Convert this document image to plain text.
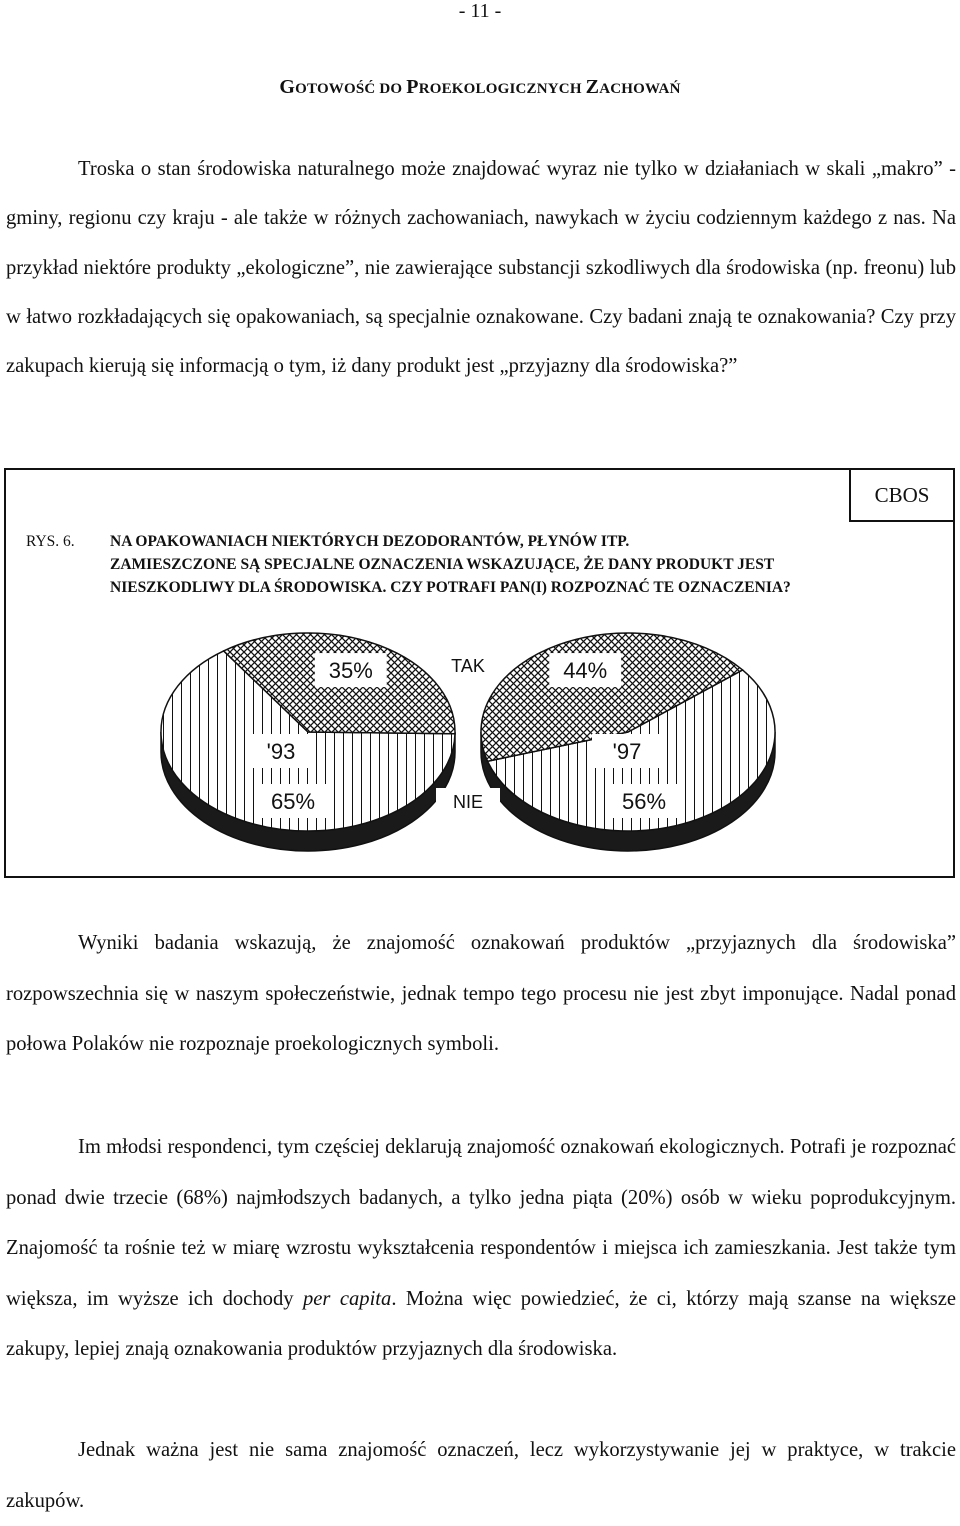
- 11 -
GOTOWOŚĆ DO PROEKOLOGICZNYCH ZACHOWAŃ

Troska o stan środowiska naturalnego może znajdować wyraz nie tylko w działaniach w skali „makro” - gminy, regionu czy kraju - ale także w różnych zachowaniach, nawykach w życiu codziennym każdego z nas. Na przykład niektóre produkty „ekologiczne”, nie zawierające substancji szkodliwych dla środowiska (np. freonu) lub w łatwo rozkładających się opakowaniach, są specjalnie oznakowane. Czy badani znają te oznakowania? Czy przy zakupach kierują się informacją o tym, iż dany produkt jest „przyjazny dla środowiska?”

CBOS

RYS. 6. NA OPAKOWANIACH NIEKTÓRYCH DEZODORANTÓW, PŁYNÓW ITP.
ZAMIESZCZONE SĄ SPECJALNE OZNACZENIA WSKAZUJĄCE, ŻE DANY PRODUKT JEST NIESZKODLIWY DLA ŚRODOWISKA. CZY POTRAFI PAN(I) ROZPOZNAĆ TE OZNACZENIA?

35%
'93
65%
44%
'97
56%
TAK
NIE

Wyniki badania wskazują, że znajomość oznakowań produktów „przyjaznych dla środowiska” rozpowszechnia się w naszym społeczeństwie, jednak tempo tego procesu nie jest zbyt imponujące. Nadal ponad połowa Polaków nie rozpoznaje proekologicznych symboli.

Im młodsi respondenci, tym częściej deklarują znajomość oznakowań ekologicznych. Potrafi je rozpoznać ponad dwie trzecie (68%) najmłodszych badanych, a tylko jedna piąta (20%) osób w wieku poprodukcyjnym. Znajomość ta rośnie też w miarę wzrostu wykształcenia respondentów i miejsca ich zamieszkania. Jest także tym większa, im wyższe ich dochody per capita. Można więc powiedzieć, że ci, którzy mają szanse na większe zakupy, lepiej znają oznakowania produktów przyjaznych dla środowiska.

Jednak ważna jest nie sama znajomość oznaczeń, lecz wykorzystywanie jej w praktyce, w trakcie zakupów.
